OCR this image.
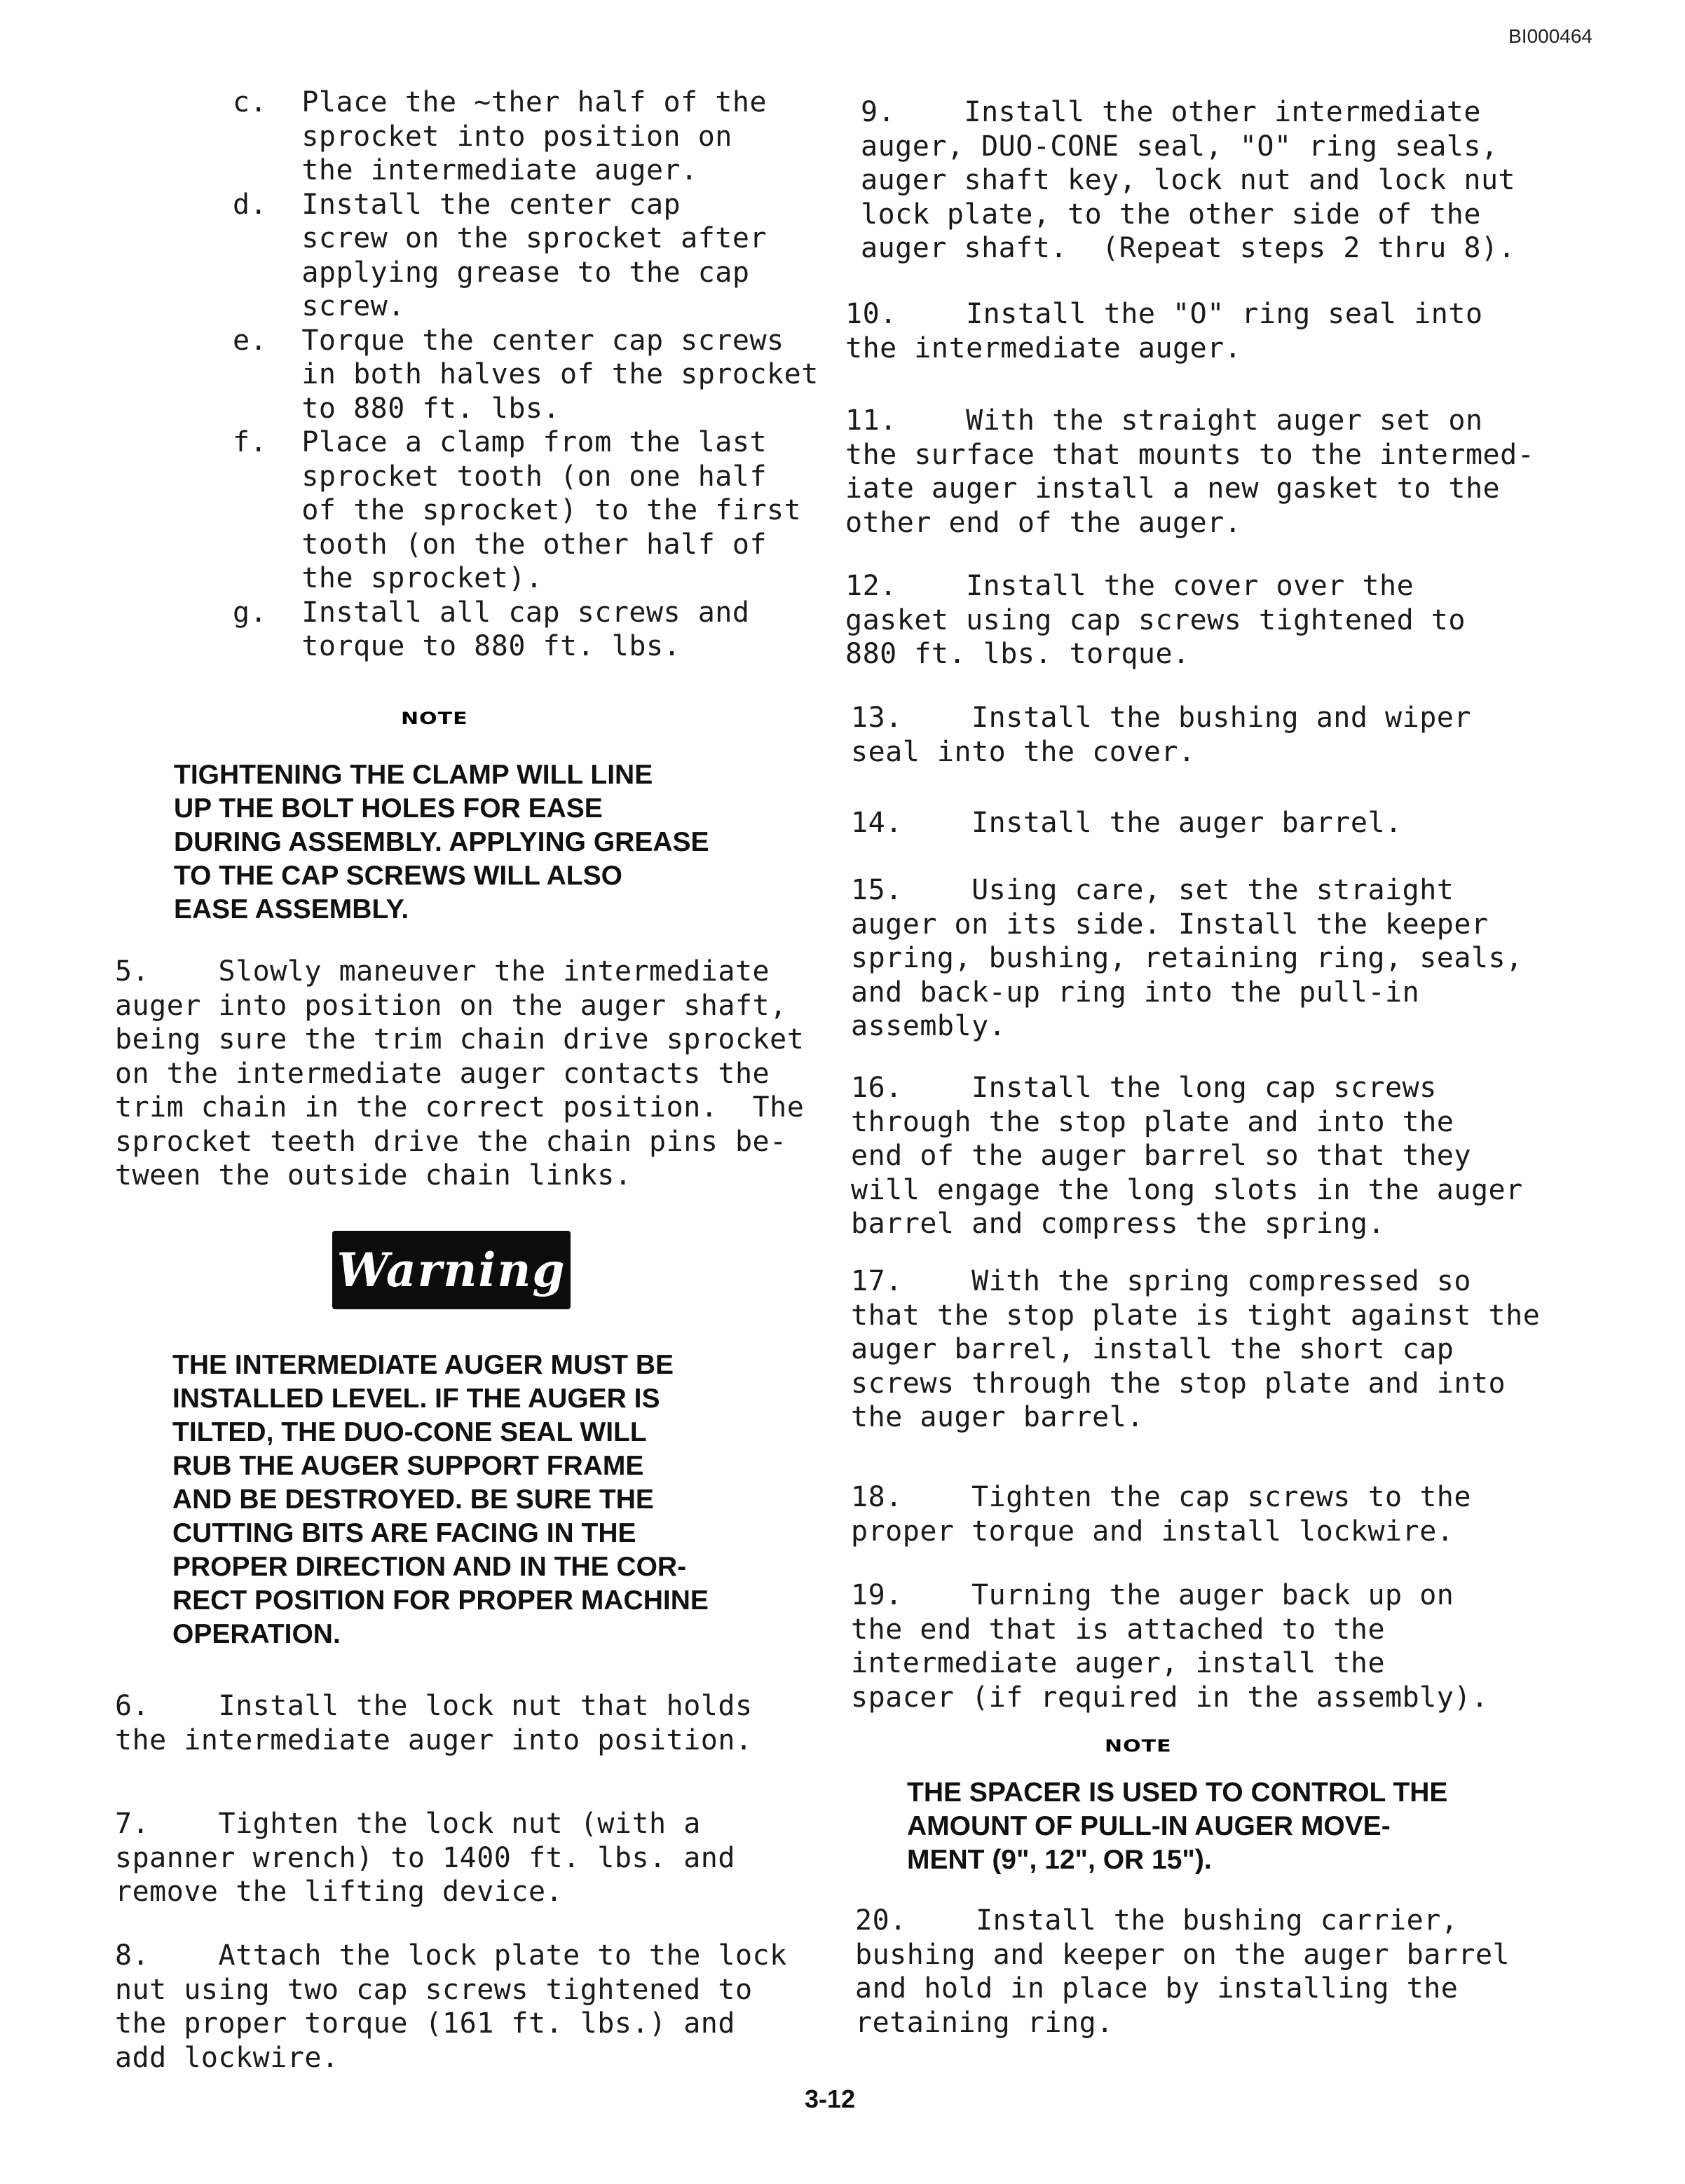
BI000464

c.  Place the ~ther half of the
sprocket into position on
the intermediate auger.
d.  Install the center cap
screw on the sprocket after
applying grease to the cap
screw.
e.  Torque the center cap screws
in both halves of the sprocket
to 880 ft. lbs.
f.  Place a clamp from the last
sprocket tooth (on one half
of the sprocket) to the first
tooth (on the other half of
the sprocket).
g.  Install all cap screws and
torque to 880 ft. lbs.

NOTE

TIGHTENING THE CLAMP WILL LINE
UP THE BOLT HOLES FOR EASE
DURING ASSEMBLY. APPLYING GREASE
TO THE CAP SCREWS WILL ALSO
EASE ASSEMBLY.

5.    Slowly maneuver the intermediate
auger into position on the auger shaft,
being sure the trim chain drive sprocket
on the intermediate auger contacts the
trim chain in the correct position.  The
sprocket teeth drive the chain pins be-
tween the outside chain links.

Warning

THE INTERMEDIATE AUGER MUST BE
INSTALLED LEVEL. IF THE AUGER IS
TILTED, THE DUO-CONE SEAL WILL
RUB THE AUGER SUPPORT FRAME
AND BE DESTROYED. BE SURE THE
CUTTING BITS ARE FACING IN THE
PROPER DIRECTION AND IN THE COR-
RECT POSITION FOR PROPER MACHINE
OPERATION.

6.    Install the lock nut that holds
the intermediate auger into position.

7.    Tighten the lock nut (with a
spanner wrench) to 1400 ft. lbs. and
remove the lifting device.

8.    Attach the lock plate to the lock
nut using two cap screws tightened to
the proper torque (161 ft. lbs.) and
add lockwire.

9.    Install the other intermediate
auger, DUO-CONE seal, "O" ring seals,
auger shaft key, lock nut and lock nut
lock plate, to the other side of the
auger shaft.  (Repeat steps 2 thru 8).

10.    Install the "O" ring seal into
the intermediate auger.

11.    With the straight auger set on
the surface that mounts to the intermed-
iate auger install a new gasket to the
other end of the auger.

12.    Install the cover over the
gasket using cap screws tightened to
880 ft. lbs. torque.

13.    Install the bushing and wiper
seal into the cover.

14.    Install the auger barrel.

15.    Using care, set the straight
auger on its side. Install the keeper
spring, bushing, retaining ring, seals,
and back-up ring into the pull-in
assembly.

16.    Install the long cap screws
through the stop plate and into the
end of the auger barrel so that they
will engage the long slots in the auger
barrel and compress the spring.

17.    With the spring compressed so
that the stop plate is tight against the
auger barrel, install the short cap
screws through the stop plate and into
the auger barrel.

18.    Tighten the cap screws to the
proper torque and install lockwire.

19.    Turning the auger back up on
the end that is attached to the
intermediate auger, install the
spacer (if required in the assembly).

NOTE

THE SPACER IS USED TO CONTROL THE
AMOUNT OF PULL-IN AUGER MOVE-
MENT (9", 12", OR 15").

20.    Install the bushing carrier,
bushing and keeper on the auger barrel
and hold in place by installing the
retaining ring.

3-12
